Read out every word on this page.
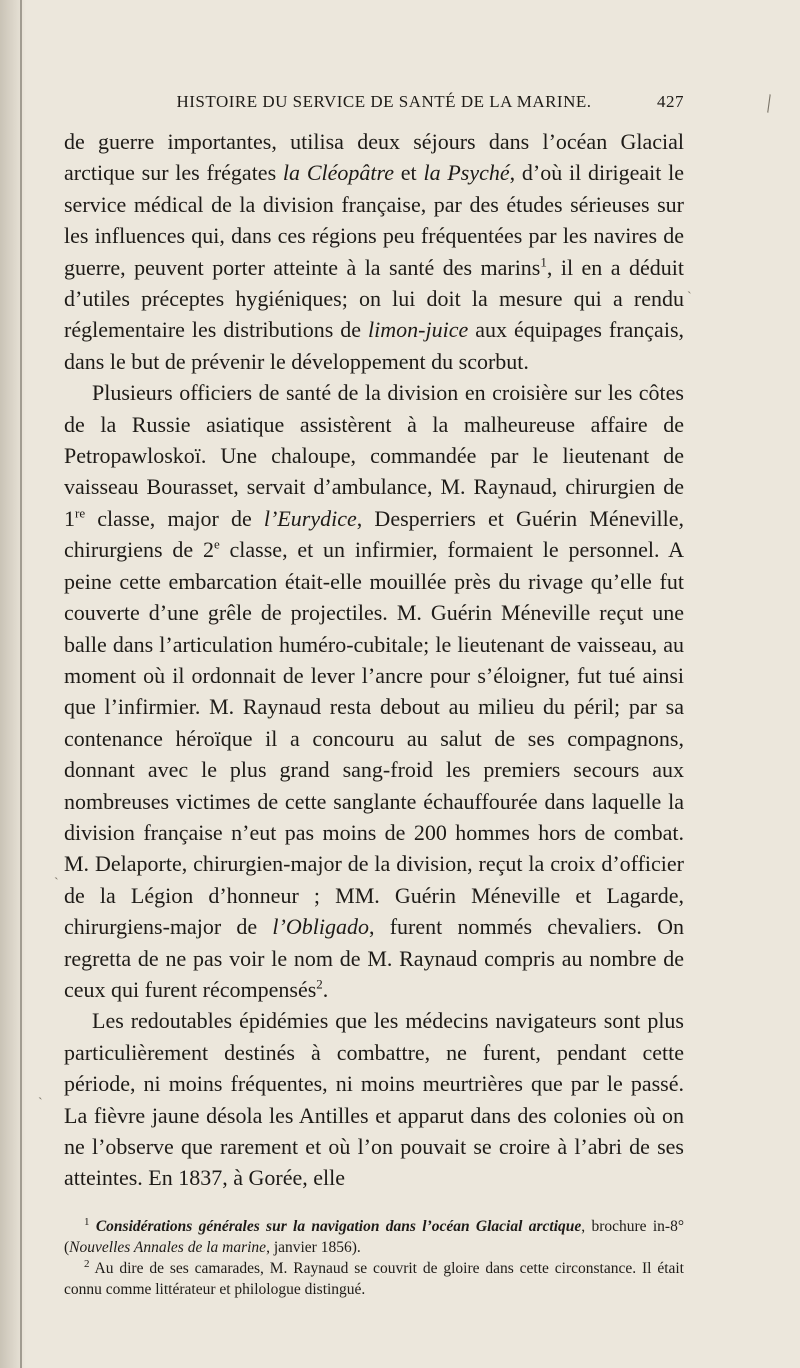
╲
ˋ
ˋ
ˋ
HISTOIRE DU SERVICE DE SANTÉ DE LA MARINE.	427

de guerre importantes, utilisa deux séjours dans l’océan Glacial arctique sur les frégates la Cléopâtre et la Psyché, d’où il dirigeait le service médical de la division française, par des études sérieuses sur les influences qui, dans ces régions peu fréquentées par les navires de guerre, peuvent porter atteinte à la santé des marins$^1$, il en a déduit d’utiles préceptes hygiéniques; on lui doit la mesure qui a rendu réglementaire les distributions de limon-juice aux équipages français, dans le but de prévenir le développement du scorbut.

Plusieurs officiers de santé de la division en croisière sur les côtes de la Russie asiatique assistèrent à la malheureuse affaire de Petropawloskoï. Une chaloupe, commandée par le lieutenant de vaisseau Bourasset, servait d’ambulance, M. Raynaud, chirurgien de 1re classe, major de l’Eurydice, Desperriers et Guérin Méneville, chirurgiens de 2e classe, et un infirmier, formaient le personnel. A peine cette embarcation était-elle mouillée près du rivage qu’elle fut couverte d’une grêle de projectiles. M. Guérin Méneville reçut une balle dans l’articulation huméro-cubitale; le lieutenant de vaisseau, au moment où il ordonnait de lever l’ancre pour s’éloigner, fut tué ainsi que l’infirmier. M. Raynaud resta debout au milieu du péril; par sa contenance héroïque il a concouru au salut de ses compagnons, donnant avec le plus grand sang-froid les premiers secours aux nombreuses victimes de cette sanglante échauffourée dans laquelle la division française n’eut pas moins de 200 hommes hors de combat. M. Delaporte, chirurgien-major de la division, reçut la croix d’officier de la Légion d’honneur ; MM. Guérin Méneville et Lagarde, chirurgiens-major de l’Obligado, furent nommés chevaliers. On regretta de ne pas voir le nom de M. Raynaud compris au nombre de ceux qui furent récompensés$^2$.

Les redoutables épidémies que les médecins navigateurs sont plus particulièrement destinés à combattre, ne furent, pendant cette période, ni moins fréquentes, ni moins meurtrières que par le passé. La fièvre jaune désola les Antilles et apparut dans des colonies où on ne l’observe que rarement et où l’on pouvait se croire à l’abri de ses atteintes. En 1837, à Gorée, elle

$^1$ Considérations générales sur la navigation dans l’océan Glacial arctique, brochure in-8° (Nouvelles Annales de la marine, janvier 1856).

$^2$ Au dire de ses camarades, M. Raynaud se couvrit de gloire dans cette circonstance. Il était connu comme littérateur et philologue distingué.
